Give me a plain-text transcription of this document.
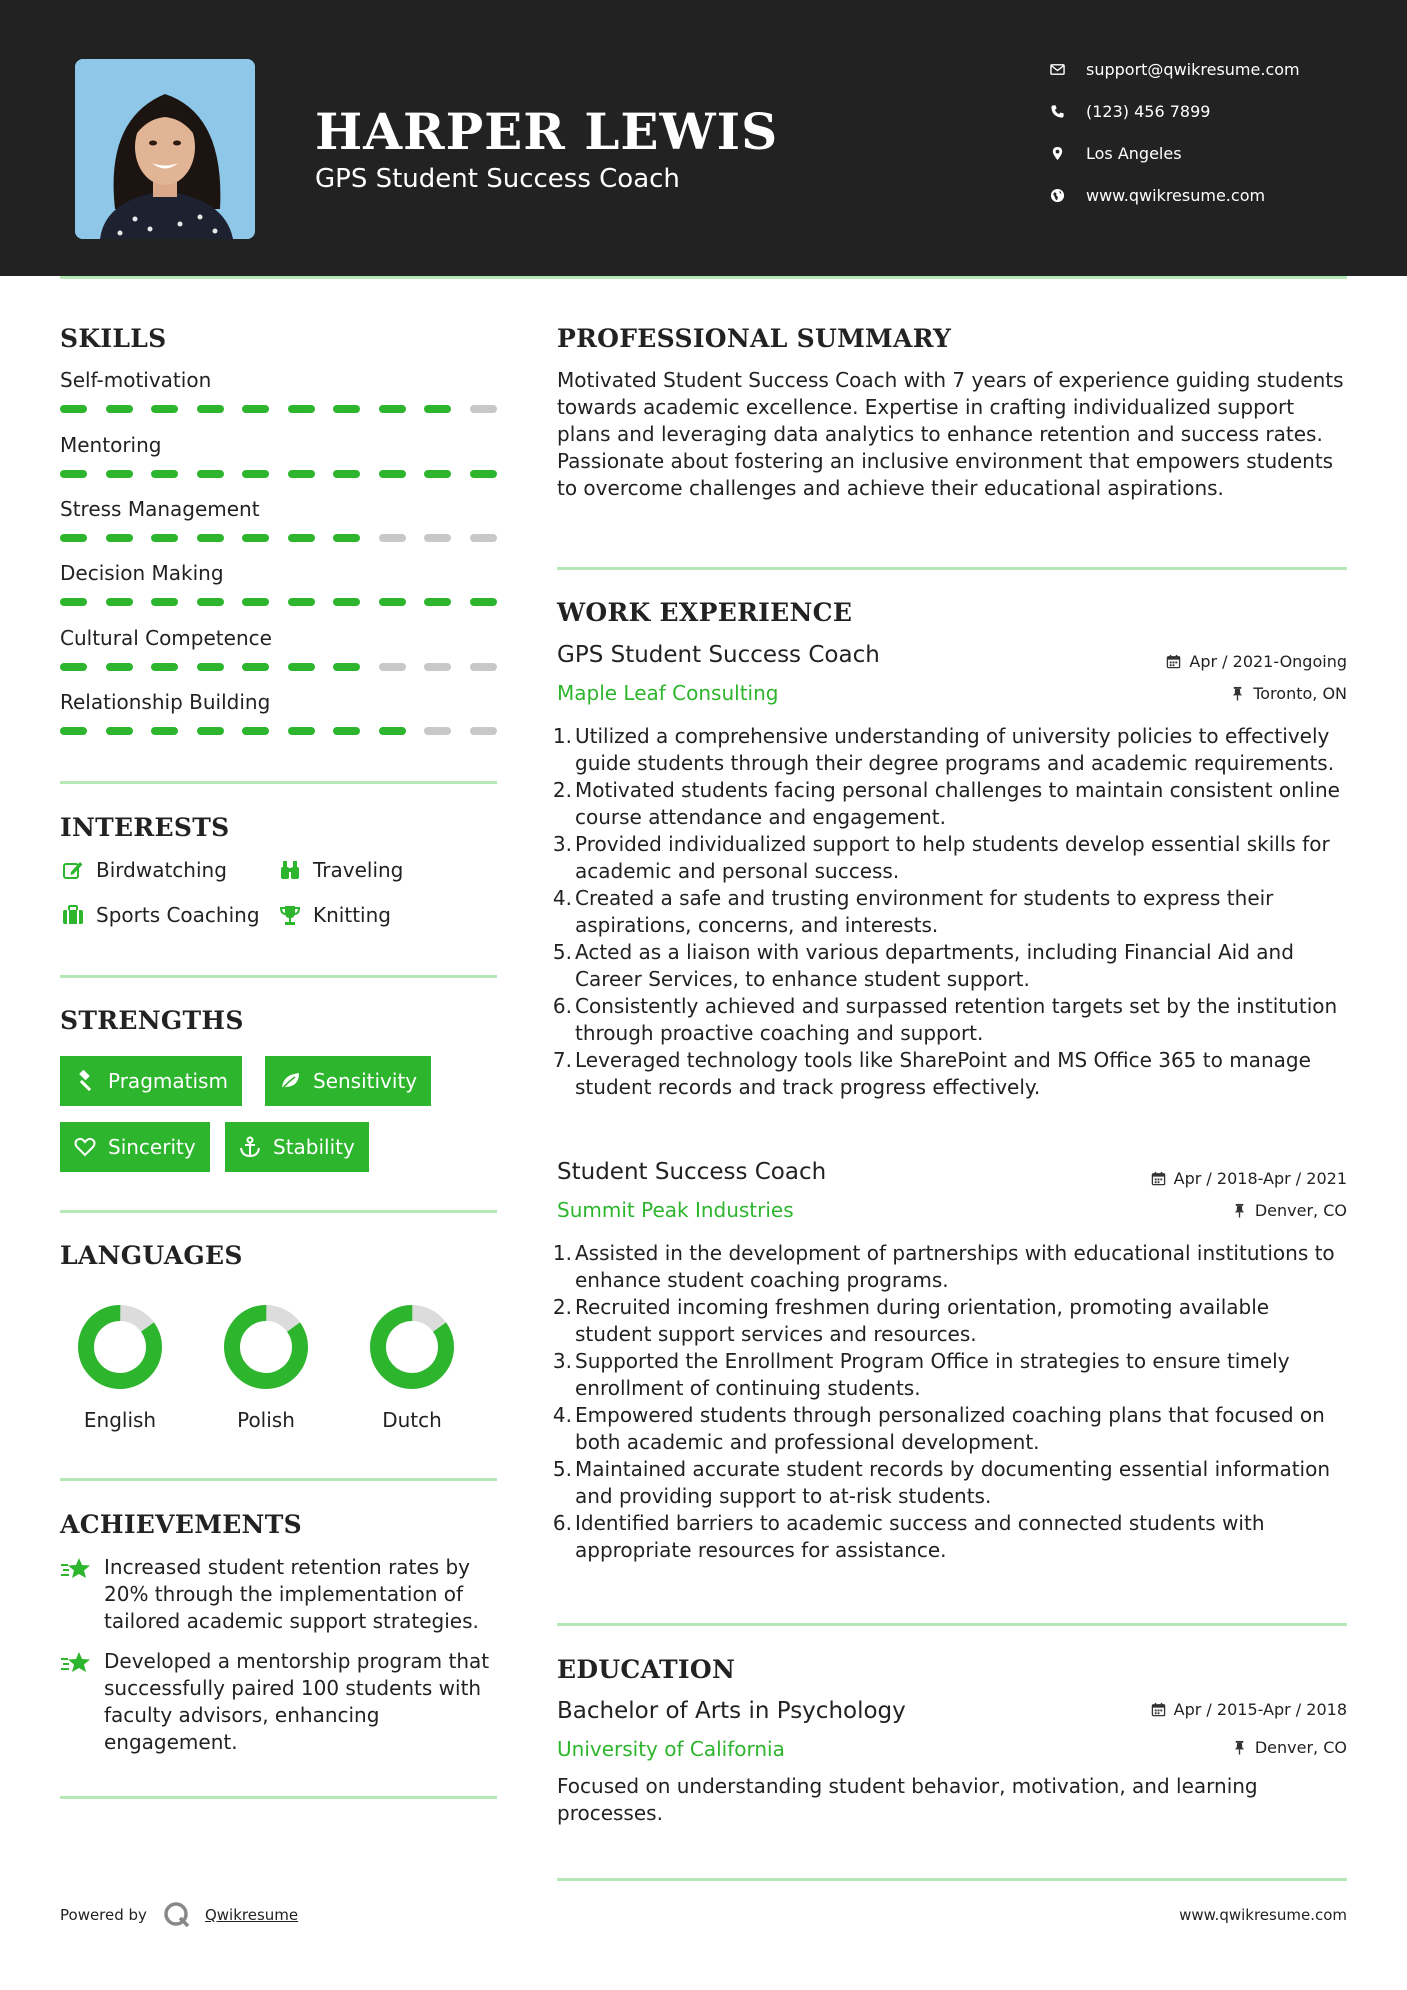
HARPER LEWIS
GPS Student Success Coach
support@qwikresume.com
(123) 456 7899
Los Angeles
www.qwikresume.com
SKILLS
Self-motivation
Mentoring
Stress Management
Decision Making
Cultural Competence
Relationship Building
INTERESTS
Birdwatching	Traveling
Sports Coaching	Knitting
STRENGTHS
Pragmatism	Sensitivity
Sincerity	Stability
LANGUAGES
English	Polish	Dutch
ACHIEVEMENTS
Increased student retention rates by 20% through the implementation of tailored academic support strategies.
Developed a mentorship program that successfully paired 100 students with faculty advisors, enhancing engagement.
PROFESSIONAL SUMMARY
Motivated Student Success Coach with 7 years of experience guiding students towards academic excellence. Expertise in crafting individualized support plans and leveraging data analytics to enhance retention and success rates. Passionate about fostering an inclusive environment that empowers students to overcome challenges and achieve their educational aspirations.
WORK EXPERIENCE
GPS Student Success Coach	Apr / 2021-Ongoing
Maple Leaf Consulting	Toronto, ON
1. Utilized a comprehensive understanding of university policies to effectively guide students through their degree programs and academic requirements.
2. Motivated students facing personal challenges to maintain consistent online course attendance and engagement.
3. Provided individualized support to help students develop essential skills for academic and personal success.
4. Created a safe and trusting environment for students to express their aspirations, concerns, and interests.
5. Acted as a liaison with various departments, including Financial Aid and Career Services, to enhance student support.
6. Consistently achieved and surpassed retention targets set by the institution through proactive coaching and support.
7. Leveraged technology tools like SharePoint and MS Office 365 to manage student records and track progress effectively.
Student Success Coach	Apr / 2018-Apr / 2021
Summit Peak Industries	Denver, CO
1. Assisted in the development of partnerships with educational institutions to enhance student coaching programs.
2. Recruited incoming freshmen during orientation, promoting available student support services and resources.
3. Supported the Enrollment Program Office in strategies to ensure timely enrollment of continuing students.
4. Empowered students through personalized coaching plans that focused on both academic and professional development.
5. Maintained accurate student records by documenting essential information and providing support to at-risk students.
6. Identified barriers to academic success and connected students with appropriate resources for assistance.
EDUCATION
Bachelor of Arts in Psychology	Apr / 2015-Apr / 2018
University of California	Denver, CO
Focused on understanding student behavior, motivation, and learning processes.
Powered by	Qwikresume	www.qwikresume.com
